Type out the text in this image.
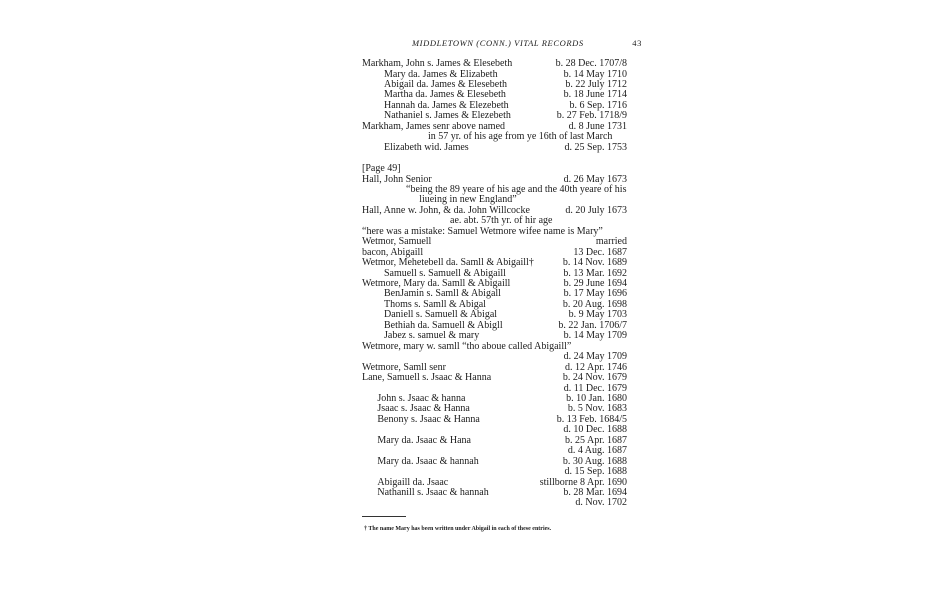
MIDDLETOWN (CONN.) VITAL RECORDS	43
Markham, John s. James & Elesebeth	b. 28 Dec. 1707/8
Mary da. James & Elizabeth	b. 14 May 1710
Abigail da. James & Elesebeth	b. 22 July 1712
Martha da. James & Elesebeth	b. 18 June 1714
Hannah da. James & Elezebeth	b. 6 Sep. 1716
Nathaniel s. James & Elezebeth	b. 27 Feb. 1718/9
Markham, James senr above named	d. 8 June 1731
in 57 yr. of his age from ye 16th of last March
Elizabeth wid. James	d. 25 Sep. 1753
[Page 49]
Hall, John Senior	d. 26 May 1673
“being the 89 yeare of his age and the 40th yeare of his
liueing in new England”
Hall, Anne w. John, & da. John Willcocke	d. 20 July 1673
ae. abt. 57th yr. of hir age
“here was a mistake: Samuel Wetmore wifee name is Mary”
Wetmor, Samuell	married
bacon, Abigaill	13 Dec. 1687
Wetmor, Mehetebell da. Samll & Abigaill†	b. 14 Nov. 1689
Samuell s. Samuell & Abigaill	b. 13 Mar. 1692
Wetmore, Mary da. Samll & Abigaill	b. 29 June 1694
BenJamin s. Samll & Abigall	b. 17 May 1696
Thoms s. Samll & Abigal	b. 20 Aug. 1698
Daniell s. Samuell & Abigal	b. 9 May 1703
Bethiah da. Samuell & Abigll	b. 22 Jan. 1706/7
Jabez s. samuel & mary	b. 14 May 1709
Wetmore, mary w. samll “tho aboue called Abigaill”
d. 24 May 1709
Wetmore, Samll senr	d. 12 Apr. 1746
Lane, Samuell s. Jsaac & Hanna	b. 24 Nov. 1679
d. 11 Dec. 1679
John s. Jsaac & hanna	b. 10 Jan. 1680
Jsaac s. Jsaac & Hanna	b. 5 Nov. 1683
Benony s. Jsaac & Hanna	b. 13 Feb. 1684/5
d. 10 Dec. 1688
Mary da. Jsaac & Hana	b. 25 Apr. 1687
d. 4 Aug. 1687
Mary da. Jsaac & hannah	b. 30 Aug. 1688
d. 15 Sep. 1688
Abigaill da. Jsaac	stillborne 8 Apr. 1690
Nathanill s. Jsaac & hannah	b. 28 Mar. 1694
d. Nov. 1702
† The name Mary has been written under Abigail in each of these entries.
